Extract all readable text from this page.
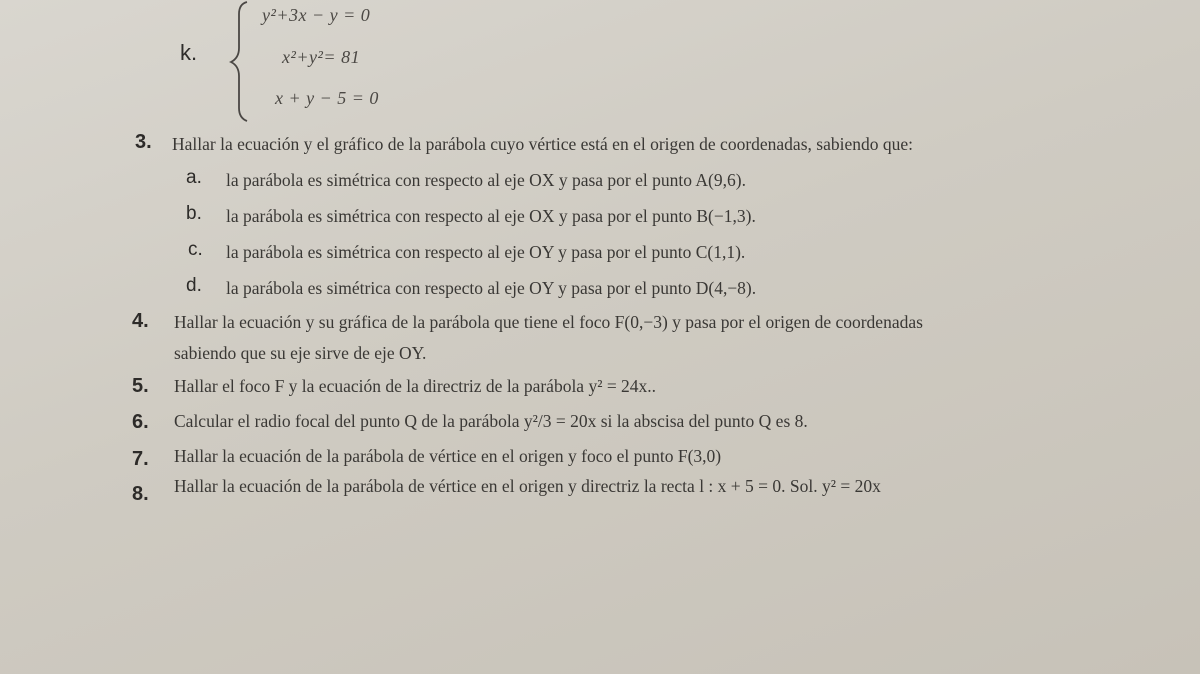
k.
y²+3x − y = 0
x²+y²= 81
x + y − 5 = 0
3. Hallar la ecuación y el gráfico de la parábola cuyo vértice está en el origen de coordenadas, sabiendo que:
a. la parábola es simétrica con respecto al eje OX y pasa por el punto A(9,6).
b. la parábola es simétrica con respecto al eje OX y pasa por el punto B(−1,3).
c. la parábola es simétrica con respecto al eje OY y pasa por el punto C(1,1).
d. la parábola es simétrica con respecto al eje OY y pasa por el punto D(4,−8).
4. Hallar la ecuación y su gráfica de la parábola que tiene el foco F(0,−3) y pasa por el origen de coordenadas
sabiendo que su eje sirve de eje OY.
5. Hallar el foco F y la ecuación de la directriz de la parábola y² = 24x..
6. Calcular el radio focal del punto Q de la parábola y²/3 = 20x si la abscisa del punto Q es 8.
7. Hallar la ecuación de la parábola de vértice en el origen y foco el punto F(3,0)
8. Hallar la ecuación de la parábola de vértice en el origen y directriz la recta l : x + 5 = 0. Sol. y² = 20x
